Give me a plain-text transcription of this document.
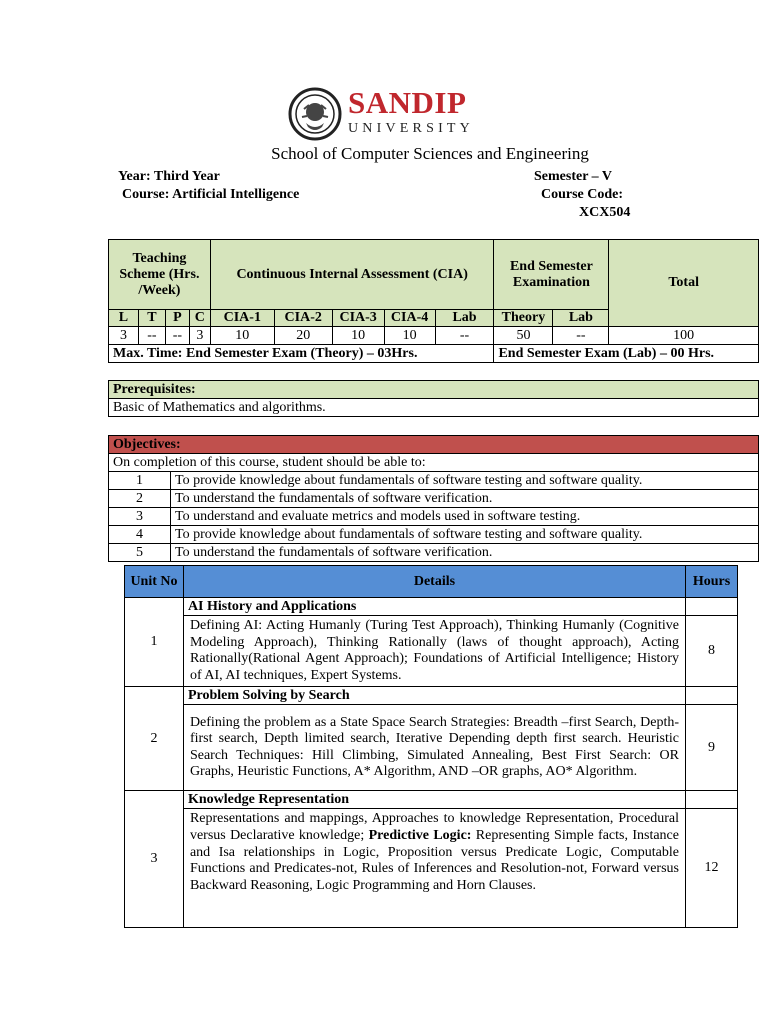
SANDIP
UNIVERSITY
School of Computer Sciences and Engineering
Year: Third Year
Course: Artificial Intelligence
Semester – V
Course Code:
XCX504
Teaching Scheme (Hrs. /Week)				Continuous Internal Assessment (CIA)					End Semester Examination		Total
L	T	P	C	CIA-1	CIA-2	CIA-3	CIA-4	Lab	Theory	Lab	
3	--	--	3	10	20	10	10	--	50	--	100
Max. Time: End Semester Exam (Theory) – 03Hrs.									End Semester Exam (Lab) – 00 Hrs.		
Prerequisites:
Basic of Mathematics and algorithms.
Objectives:	
On completion of this course, student should be able to:	
1	To provide knowledge about fundamentals of software testing and software quality.
2	To understand the fundamentals of software verification.
3	To understand and evaluate metrics and models used in software testing.
4	To provide knowledge about fundamentals of software testing and software quality.
5	To understand the fundamentals of software verification.
Unit No	Details	Hours
1	AI History and Applications	
	Defining AI: Acting Humanly (Turing Test Approach), Thinking Humanly (Cognitive Modeling Approach), Thinking Rationally (laws of thought approach), Acting Rationally(Rational Agent Approach); Foundations of Artificial Intelligence; History of AI, AI techniques, Expert Systems.	8
2	Problem Solving by Search	
	Defining the problem as a State Space Search Strategies: Breadth –first Search, Depth-first search, Depth limited search, Iterative Depending depth first search. Heuristic Search Techniques: Hill Climbing, Simulated Annealing, Best First Search: OR Graphs, Heuristic Functions, A* Algorithm, AND –OR graphs, AO* Algorithm.	9
3	Knowledge Representation	
	Representations and mappings, Approaches to knowledge Representation, Procedural versus Declarative knowledge; Predictive Logic: Representing Simple facts, Instance and Isa relationships in Logic, Proposition versus Predicate Logic, Computable Functions and Predicates-not, Rules of Inferences and Resolution-not, Forward versus Backward Reasoning, Logic Programming and Horn Clauses.	12
